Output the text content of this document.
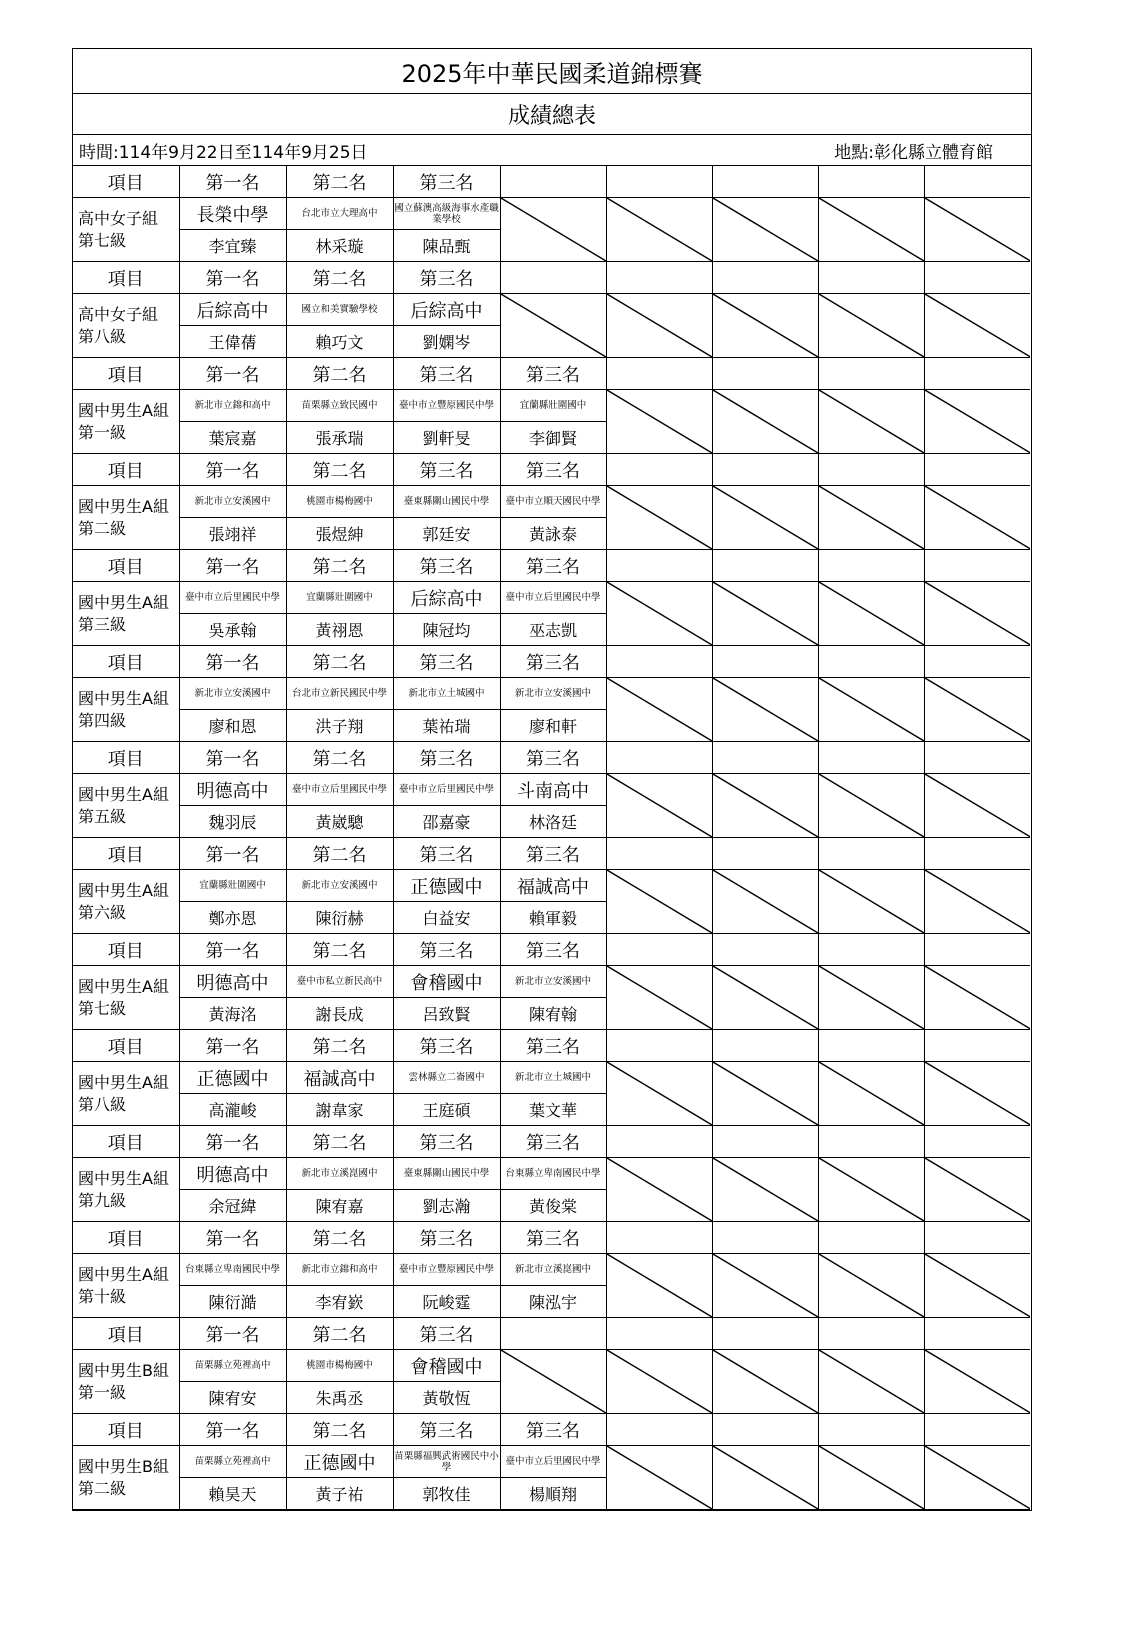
2025年中華民國柔道錦標賽
成績總表
時間:114年9月22日至114年9月25日	地點:彰化縣立體育館
項目	第一名	第二名	第三名					

高中女子組
第七級	長榮中學	台北市立大理高中	國立蘇澳高級海事水產職業學校	

	李宜臻	林采璇	陳品甄					
項目	第一名	第二名	第三名					

高中女子組
第八級	后綜高中	國立和美實驗學校	后綜高中	

	王偉蒨	賴巧文	劉嫻岑					
項目	第一名	第二名	第三名	第三名				

國中男生A組
第一級	新北市立錦和高中	苗栗縣立致民國中	臺中市立豐原國民中學	宜蘭縣壯圍國中	

	葉宸嘉	張承瑞	劉軒旻	李御賢				
項目	第一名	第二名	第三名	第三名				

國中男生A組
第二級	新北市立安溪國中	桃園市楊梅國中	臺東縣關山國民中學	臺中市立順天國民中學	

	張翊祥	張煜紳	郭廷安	黃詠泰				
項目	第一名	第二名	第三名	第三名				

國中男生A組
第三級	臺中市立后里國民中學	宜蘭縣壯圍國中	后綜高中	臺中市立后里國民中學	

	吳承翰	黃祤恩	陳冠均	巫志凱				
項目	第一名	第二名	第三名	第三名				

國中男生A組
第四級	新北市立安溪國中	台北市立新民國民中學	新北市立土城國中	新北市立安溪國中	

	廖和恩	洪子翔	葉祐瑞	廖和軒				
項目	第一名	第二名	第三名	第三名				

國中男生A組
第五級	明德高中	臺中市立后里國民中學	臺中市立后里國民中學	斗南高中	

	魏羽辰	黃崴驄	邵嘉豪	林洛廷				
項目	第一名	第二名	第三名	第三名				

國中男生A組
第六級	宜蘭縣壯圍國中	新北市立安溪國中	正德國中	福誠高中	

	鄭亦恩	陳衍赫	白益安	賴軍毅				
項目	第一名	第二名	第三名	第三名				

國中男生A組
第七級	明德高中	臺中市私立新民高中	會稽國中	新北市立安溪國中	

	黃海洺	謝長成	呂致賢	陳宥翰				
項目	第一名	第二名	第三名	第三名				

國中男生A組
第八級	正德國中	福誠高中	雲林縣立二崙國中	新北市立土城國中	

	高瀧峻	謝韋家	王庭碩	葉文華				
項目	第一名	第二名	第三名	第三名				

國中男生A組
第九級	明德高中	新北市立溪崑國中	臺東縣關山國民中學	台東縣立卑南國民中學	

	余冠緯	陳宥嘉	劉志瀚	黃俊棠				
項目	第一名	第二名	第三名	第三名				

國中男生A組
第十級	台東縣立卑南國民中學	新北市立錦和高中	臺中市立豐原國民中學	新北市立溪崑國中	

	陳衍澔	李宥嶔	阮峻霆	陳泓宇				
項目	第一名	第二名	第三名					

國中男生B組
第一級	苗栗縣立苑裡高中	桃園市楊梅國中	會稽國中	

	陳宥安	朱禹丞	黃敬恆					
項目	第一名	第二名	第三名	第三名				

國中男生B組
第二級	苗栗縣立苑裡高中	正德國中	苗栗縣福興武術國民中小學	臺中市立后里國民中學	

	賴昊天	黃子祐	郭牧佳	楊順翔				
